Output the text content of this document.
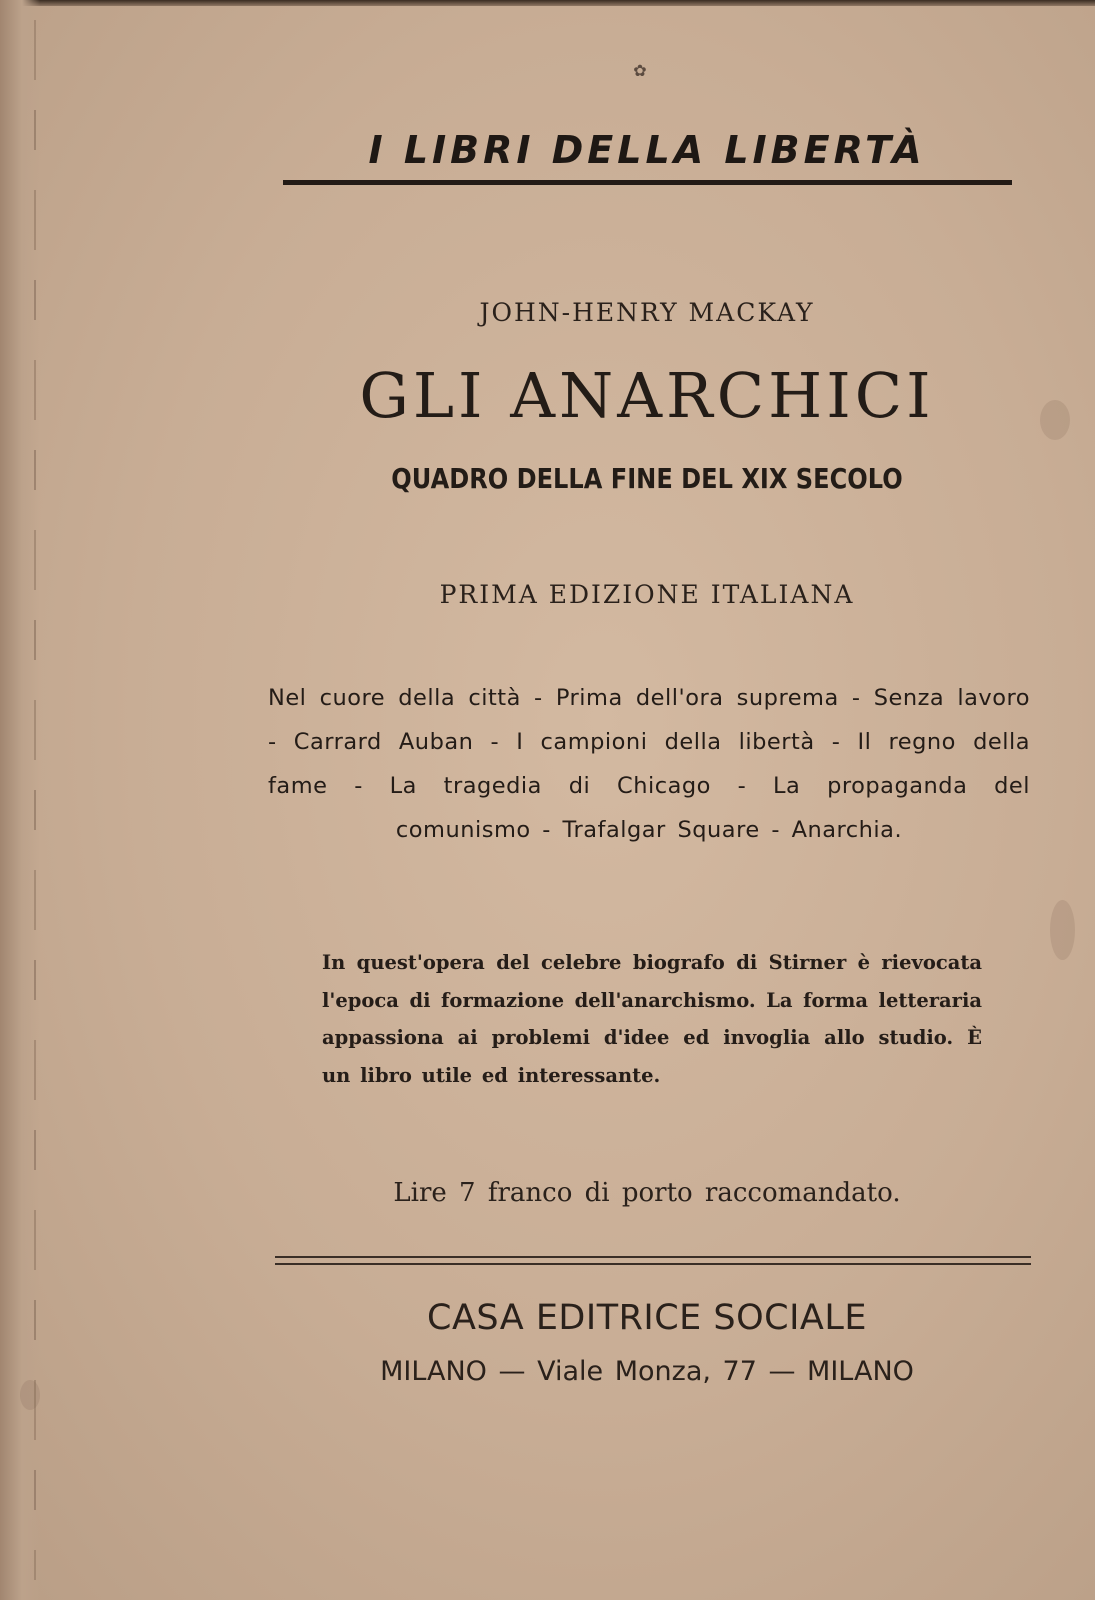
✿
I LIBRI DELLA LIBERTÀ
JOHN-HENRY MACKAY
GLI ANARCHICI
QUADRO DELLA FINE DEL XIX SECOLO
PRIMA EDIZIONE ITALIANA
Nel cuore della città - Prima dell'ora suprema - Senza lavoro - Carrard Auban - I campioni della libertà - Il regno della fame - La tragedia di Chicago - La propaganda del comunismo - Trafalgar Square - Anarchia.
In quest'opera del celebre biografo di Stirner è rievocata l'epoca di formazione dell'anarchismo. La forma letteraria appassiona ai problemi d'idee ed invoglia allo studio. È un libro utile ed interessante.
Lire 7 franco di porto raccomandato.
CASA EDITRICE SOCIALE
MILANO — Viale Monza, 77 — MILANO
